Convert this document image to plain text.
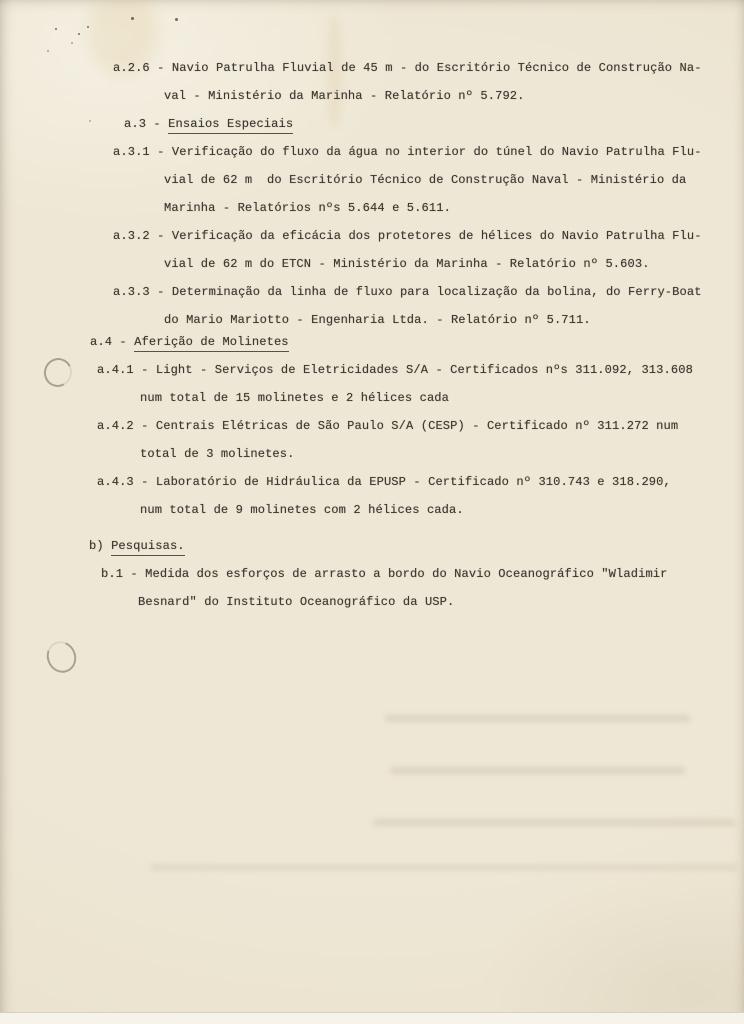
a.2.6 - Navio Patrulha Fluvial de 45 m - do Escritório Técnico de Construção Na-
val - Ministério da Marinha - Relatório nº 5.792.
a.3 - Ensaios Especiais
a.3.1 - Verificação do fluxo da água no interior do túnel do Navio Patrulha Flu-
vial de 62 m  do Escritório Técnico de Construção Naval - Ministério da
Marinha - Relatórios nºs 5.644 e 5.611.
a.3.2 - Verificação da eficácia dos protetores de hélices do Navio Patrulha Flu-
vial de 62 m do ETCN - Ministério da Marinha - Relatório nº 5.603.
a.3.3 - Determinação da linha de fluxo para localização da bolina, do Ferry-Boat
do Mario Mariotto - Engenharia Ltda. - Relatório nº 5.711.
a.4 - Aferição de Molinetes
a.4.1 - Light - Serviços de Eletricidades S/A - Certificados nºs 311.092, 313.608
num total de 15 molinetes e 2 hélices cada
a.4.2 - Centrais Elétricas de São Paulo S/A (CESP) - Certificado nº 311.272 num
total de 3 molinetes.
a.4.3 - Laboratório de Hidráulica da EPUSP - Certificado nº 310.743 e 318.290,
num total de 9 molinetes com 2 hélices cada.
b) Pesquisas.
b.1 - Medida dos esforços de arrasto a bordo do Navio Oceanográfico "Wladimir
Besnard" do Instituto Oceanográfico da USP.
